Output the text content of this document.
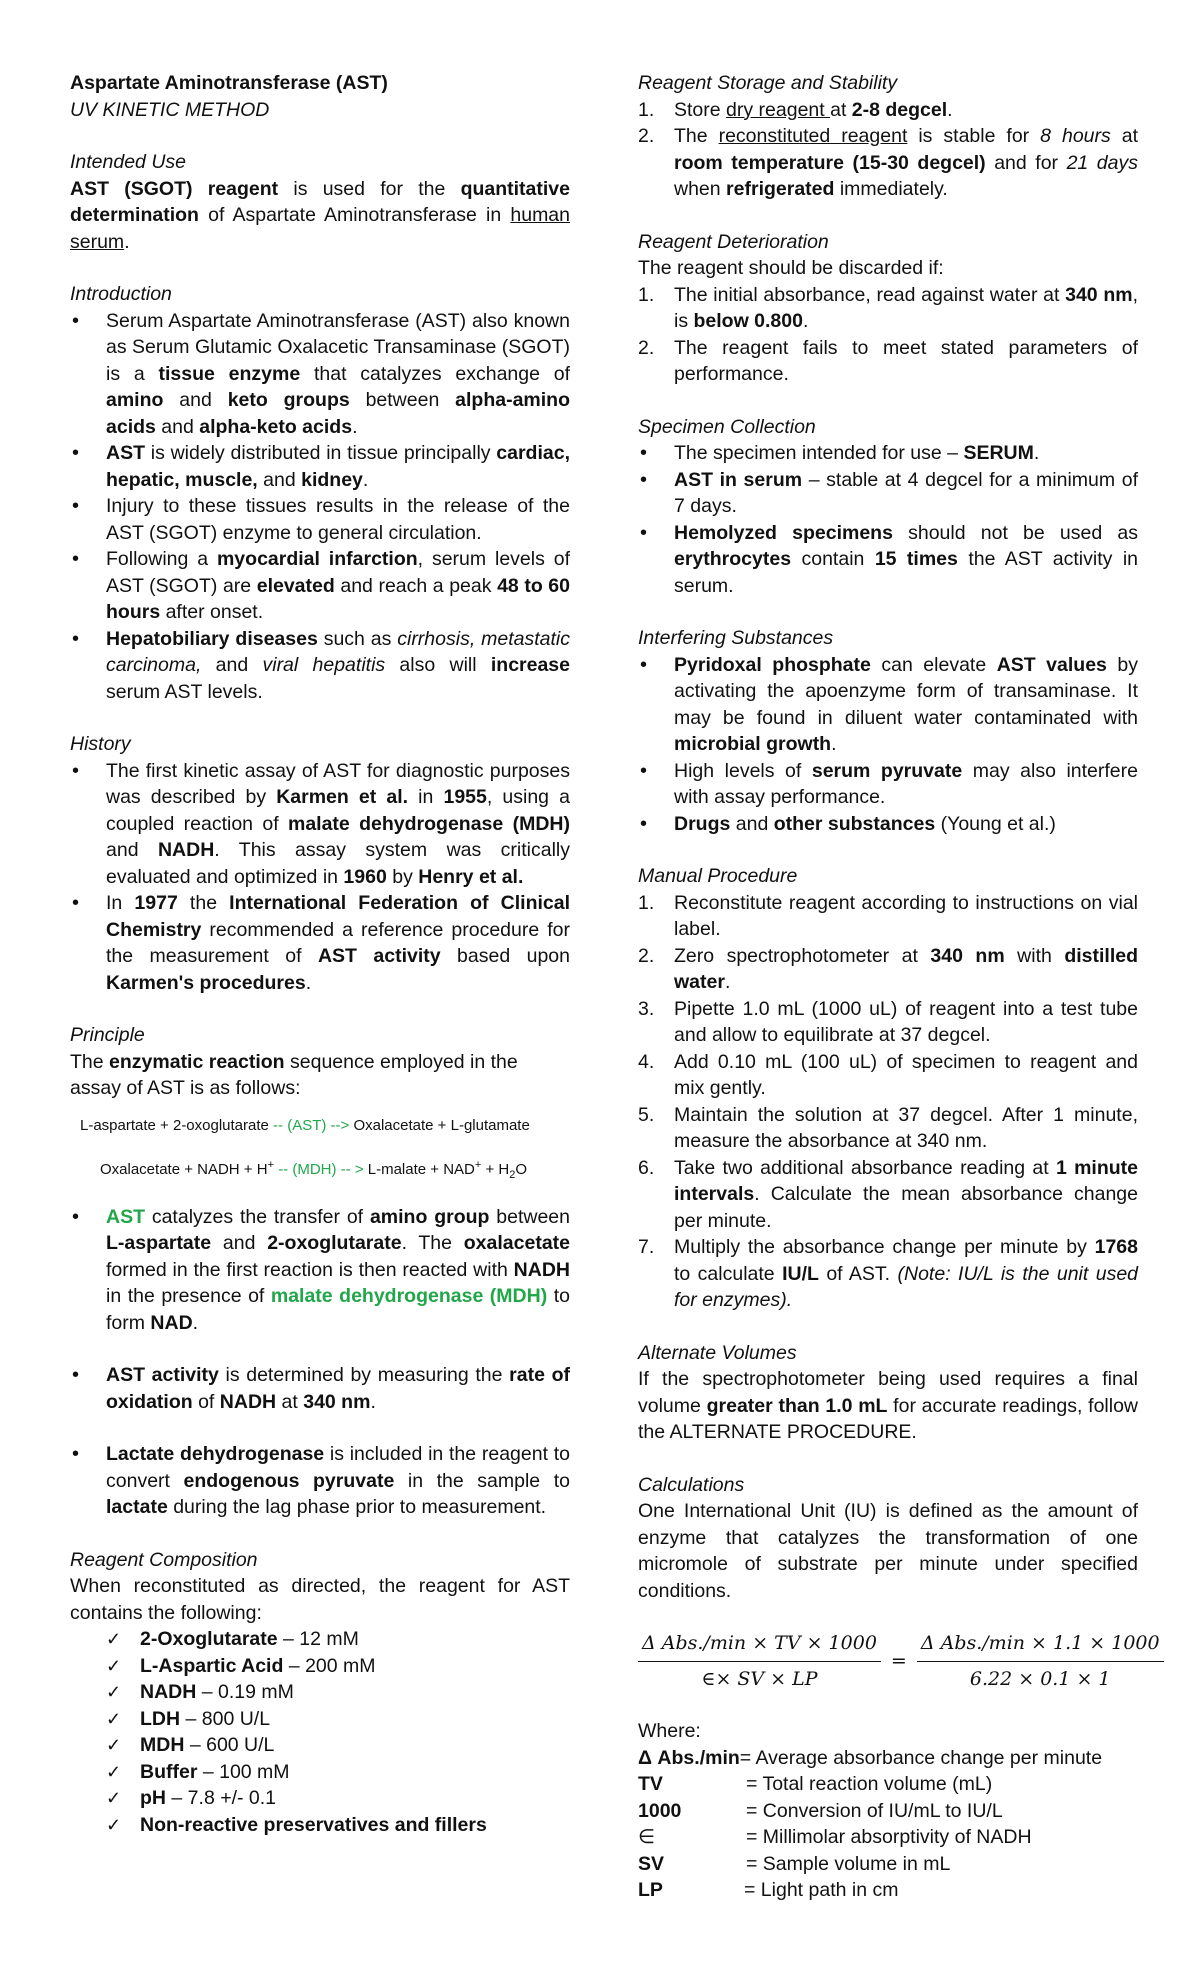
Aspartate Aminotransferase (AST)

UV KINETIC METHOD

Intended Use

AST (SGOT) reagent is used for the quantitative determination of Aspartate Aminotransferase in human serum.

Introduction

• Serum Aspartate Aminotransferase (AST) also known as Serum Glutamic Oxalacetic Transaminase (SGOT) is a tissue enzyme that catalyzes exchange of amino and keto groups between alpha-amino acids and alpha-keto acids.
• AST is widely distributed in tissue principally cardiac, hepatic, muscle, and kidney.
• Injury to these tissues results in the release of the AST (SGOT) enzyme to general circulation.
• Following a myocardial infarction, serum levels of AST (SGOT) are elevated and reach a peak 48 to 60 hours after onset.
• Hepatobiliary diseases such as cirrhosis, metastatic carcinoma, and viral hepatitis also will increase serum AST levels.

History

• The first kinetic assay of AST for diagnostic purposes was described by Karmen et al. in 1955, using a coupled reaction of malate dehydrogenase (MDH) and NADH. This assay system was critically evaluated and optimized in 1960 by Henry et al.
• In 1977 the International Federation of Clinical Chemistry recommended a reference procedure for the measurement of AST activity based upon Karmen's procedures.

Principle

The enzymatic reaction sequence employed in the assay of AST is as follows:

L-aspartate + 2-oxoglutarate -- (AST) --> Oxalacetate + L-glutamate

Oxalacetate + NADH + H+ -- (MDH) -- > L-malate + $NAD^+ + H_2O$

• AST catalyzes the transfer of amino group between L-aspartate and 2-oxoglutarate. The oxalacetate formed in the first reaction is then reacted with NADH in the presence of malate dehydrogenase (MDH) to form NAD.
• AST activity is determined by measuring the rate of oxidation of NADH at 340 nm.
• Lactate dehydrogenase is included in the reagent to convert endogenous pyruvate in the sample to lactate during the lag phase prior to measurement.

Reagent Composition

When reconstituted as directed, the reagent for AST contains the following:

✓ 2-Oxoglutarate – 12 mM
✓ L-Aspartic Acid – 200 mM
✓ NADH – 0.19 mM
✓ LDH – 800 U/L
✓ MDH – 600 U/L
✓ Buffer – 100 mM
✓ pH – 7.8 +/- 0.1
✓ Non-reactive preservatives and fillers

Reagent Storage and Stability

1. Store dry reagent at 2-8 degcel.
2. The reconstituted reagent is stable for 8 hours at room temperature (15-30 degcel) and for 21 days when refrigerated immediately.

Reagent Deterioration

The reagent should be discarded if:

1. The initial absorbance, read against water at 340 nm, is below 0.800.
2. The reagent fails to meet stated parameters of performance.

Specimen Collection

• The specimen intended for use – SERUM.
• AST in serum – stable at 4 degcel for a minimum of 7 days.
• Hemolyzed specimens should not be used as erythrocytes contain 15 times the AST activity in serum.

Interfering Substances

• Pyridoxal phosphate can elevate AST values by activating the apoenzyme form of transaminase. It may be found in diluent water contaminated with microbial growth.
• High levels of serum pyruvate may also interfere with assay performance.
• Drugs and other substances (Young et al.)

Manual Procedure

1. Reconstitute reagent according to instructions on vial label.
2. Zero spectrophotometer at 340 nm with distilled water.
3. Pipette 1.0 mL (1000 uL) of reagent into a test tube and allow to equilibrate at 37 degcel.
4. Add 0.10 mL (100 uL) of specimen to reagent and mix gently.
5. Maintain the solution at 37 degcel. After 1 minute, measure the absorbance at 340 nm.
6. Take two additional absorbance reading at 1 minute intervals. Calculate the mean absorbance change per minute.
7. Multiply the absorbance change per minute by 1768 to calculate IU/L of AST. (Note: IU/L is the unit used for enzymes).

Alternate Volumes

If the spectrophotometer being used requires a final volume greater than 1.0 mL for accurate readings, follow the ALTERNATE PROCEDURE.

Calculations

One International Unit (IU) is defined as the amount of enzyme that catalyzes the transformation of one micromole of substrate per minute under specified conditions.

$\frac{\text{Δ Abs./min × TV × 1000}}{\in\times SV \times LP} = \frac{\text{Δ Abs./min × 1.1 × 1000}}{6.22 \times 0.1 \times 1}$

Where:

Δ Abs./min = Average absorbance change per minute
TV	= Total reaction volume (mL)
1000	= Conversion of IU/mL to IU/L
∈	= Millimolar absorptivity of NADH
SV	= Sample volume in mL
LP	= Light path in cm
